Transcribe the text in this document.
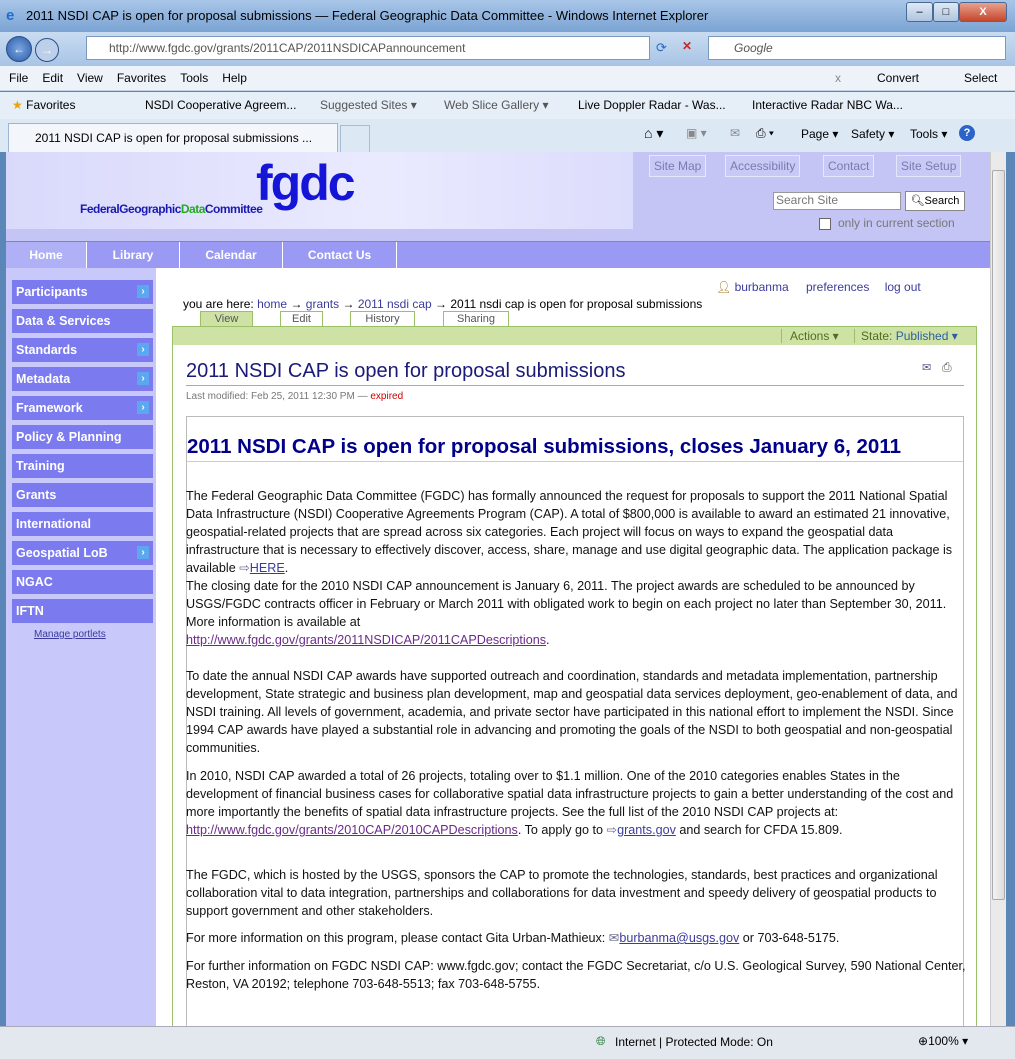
e 2011 NSDI CAP is open for proposal submissions — Federal Geographic Data Committee - Windows Internet Explorer	–	□	X
←	→	http://www.fgdc.gov/grants/2011CAP/2011NSDICAPannouncement	⟳ ✕	Google
File Edit View Favorites Tools Help	x	Convert	Select
★ Favorites	NSDI Cooperative Agreem... Suggested Sites ▾ Web Slice Gallery ▾ Live Doppler Radar - Was... Interactive Radar NBC Wa...
2011 NSDI CAP is open for proposal submissions ...	⌂ ▾ ▣ ▾ ✉ ⎙ ▾ Page ▾ Safety ▾ Tools ▾	?
fgdc
FederalGeographicDataCommittee
Site Map	Accessibility	Contact	Site Setup
Search Site	🔍︎Search
only in current section
Home	Library	Calendar	Contact Us
Participants	›
Data & Services
Standards	›
Metadata	›
Framework	›
Policy & Planning
Training
Grants
International
Geospatial LoB	›
NGAC
IFTN
Manage portlets
👤︎ burbanma preferences log out
you are here: home → grants → 2011 nsdi cap → 2011 nsdi cap is open for proposal submissions
View	Edit	History	Sharing
Actions ▾	State: Published ▾
2011 NSDI CAP is open for proposal submissions	✉ ⎙
Last modified: Feb 25, 2011 12:30 PM — expired
2011 NSDI CAP is open for proposal submissions, closes January 6, 2011
The Federal Geographic Data Committee (FGDC) has formally announced the request for proposals to support the 2011 National Spatial Data Infrastructure (NSDI) Cooperative Agreements Program (CAP). A total of $800,000 is available to award an estimated 21 innovative, geospatial-related projects that are spread across six categories. Each project will focus on ways to expand the geospatial data infrastructure that is necessary to effectively discover, access, share, manage and use digital geographic data. The application package is available ⇨HERE.
The closing date for the 2010 NSDI CAP announcement is January 6, 2011. The project awards are scheduled to be announced by USGS/FGDC contracts officer in February or March 2011 with obligated work to begin on each project no later than September 30, 2011. More information is available at
http://www.fgdc.gov/grants/2011NSDICAP/2011CAPDescriptions.
To date the annual NSDI CAP awards have supported outreach and coordination, standards and metadata implementation, partnership development, State strategic and business plan development, map and geospatial data services deployment, geo-enablement of data, and NSDI training. All levels of government, academia, and private sector have participated in this national effort to implement the NSDI. Since 1994 CAP awards have played a substantial role in advancing and promoting the goals of the NSDI to both geospatial and non-geospatial communities.
In 2010, NSDI CAP awarded a total of 26 projects, totaling over to $1.1 million. One of the 2010 categories enables States in the development of financial business cases for collaborative spatial data infrastructure projects to gain a better understanding of the cost and more importantly the benefits of spatial data infrastructure projects. See the full list of the 2010 NSDI CAP projects at: http://www.fgdc.gov/grants/2010CAP/2010CAPDescriptions. To apply go to ⇨grants.gov and search for CFDA 15.809.
The FGDC, which is hosted by the USGS, sponsors the CAP to promote the technologies, standards, best practices and organizational collaboration vital to data integration, partnerships and collaborations for data investment and speedy delivery of geospatial products to support government and other stakeholders.
For more information on this program, please contact Gita Urban-Mathieux: ✉burbanma@usgs.gov or 703-648-5175.
For further information on FGDC NSDI CAP: www.fgdc.gov; contact the FGDC Secretariat, c/o U.S. Geological Survey, 590 National Center, Reston, VA 20192; telephone 703-648-5513; fax 703-648-5755.
🌐︎ Internet | Protected Mode: On	⊕100% ▾
